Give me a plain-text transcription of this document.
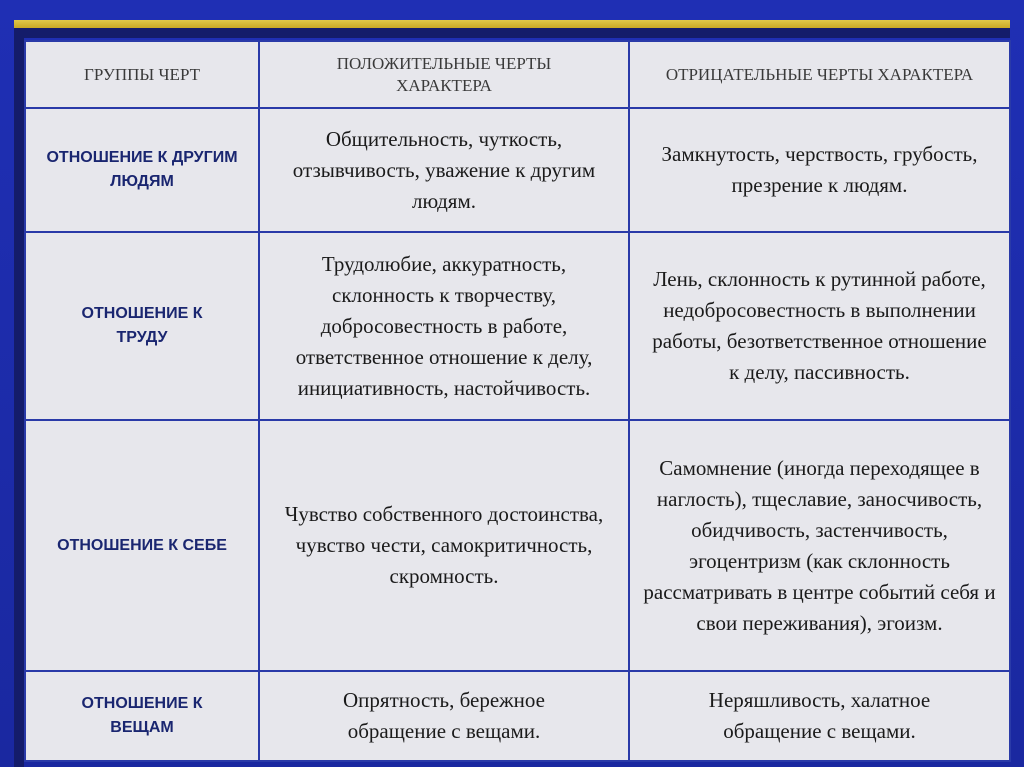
ГРУППЫ ЧЕРТ	ПОЛОЖИТЕЛЬНЫЕ ЧЕРТЫ ХАРАКТЕРА	ОТРИЦАТЕЛЬНЫЕ ЧЕРТЫ ХАРАКТЕРА
ОТНОШЕНИЕ К ДРУГИМ ЛЮДЯМ	Общительность, чуткость, отзывчивость, уважение к другим людям.	Замкнутость, черствость, грубость, презрение к людям.
ОТНОШЕНИЕ К ТРУДУ	Трудолюбие, аккуратность, склонность к творчеству, добросовестность в работе, ответственное отношение к делу, инициативность, настойчивость.	Лень, склонность к рутинной работе, недобросовестность в выполнении работы, безответственное отношение к делу, пассивность.
ОТНОШЕНИЕ К СЕБЕ	Чувство собственного достоинства, чувство чести, самокритичность, скромность.	Самомнение (иногда переходящее в наглость), тщеславие, заносчивость, обидчивость, застенчивость, эгоцентризм (как склонность рассматривать в центре событий себя и свои переживания), эгоизм.
ОТНОШЕНИЕ К ВЕЩАМ	Опрятность, бережное обращение с вещами.	Неряшливость, халатное обращение с вещами.
